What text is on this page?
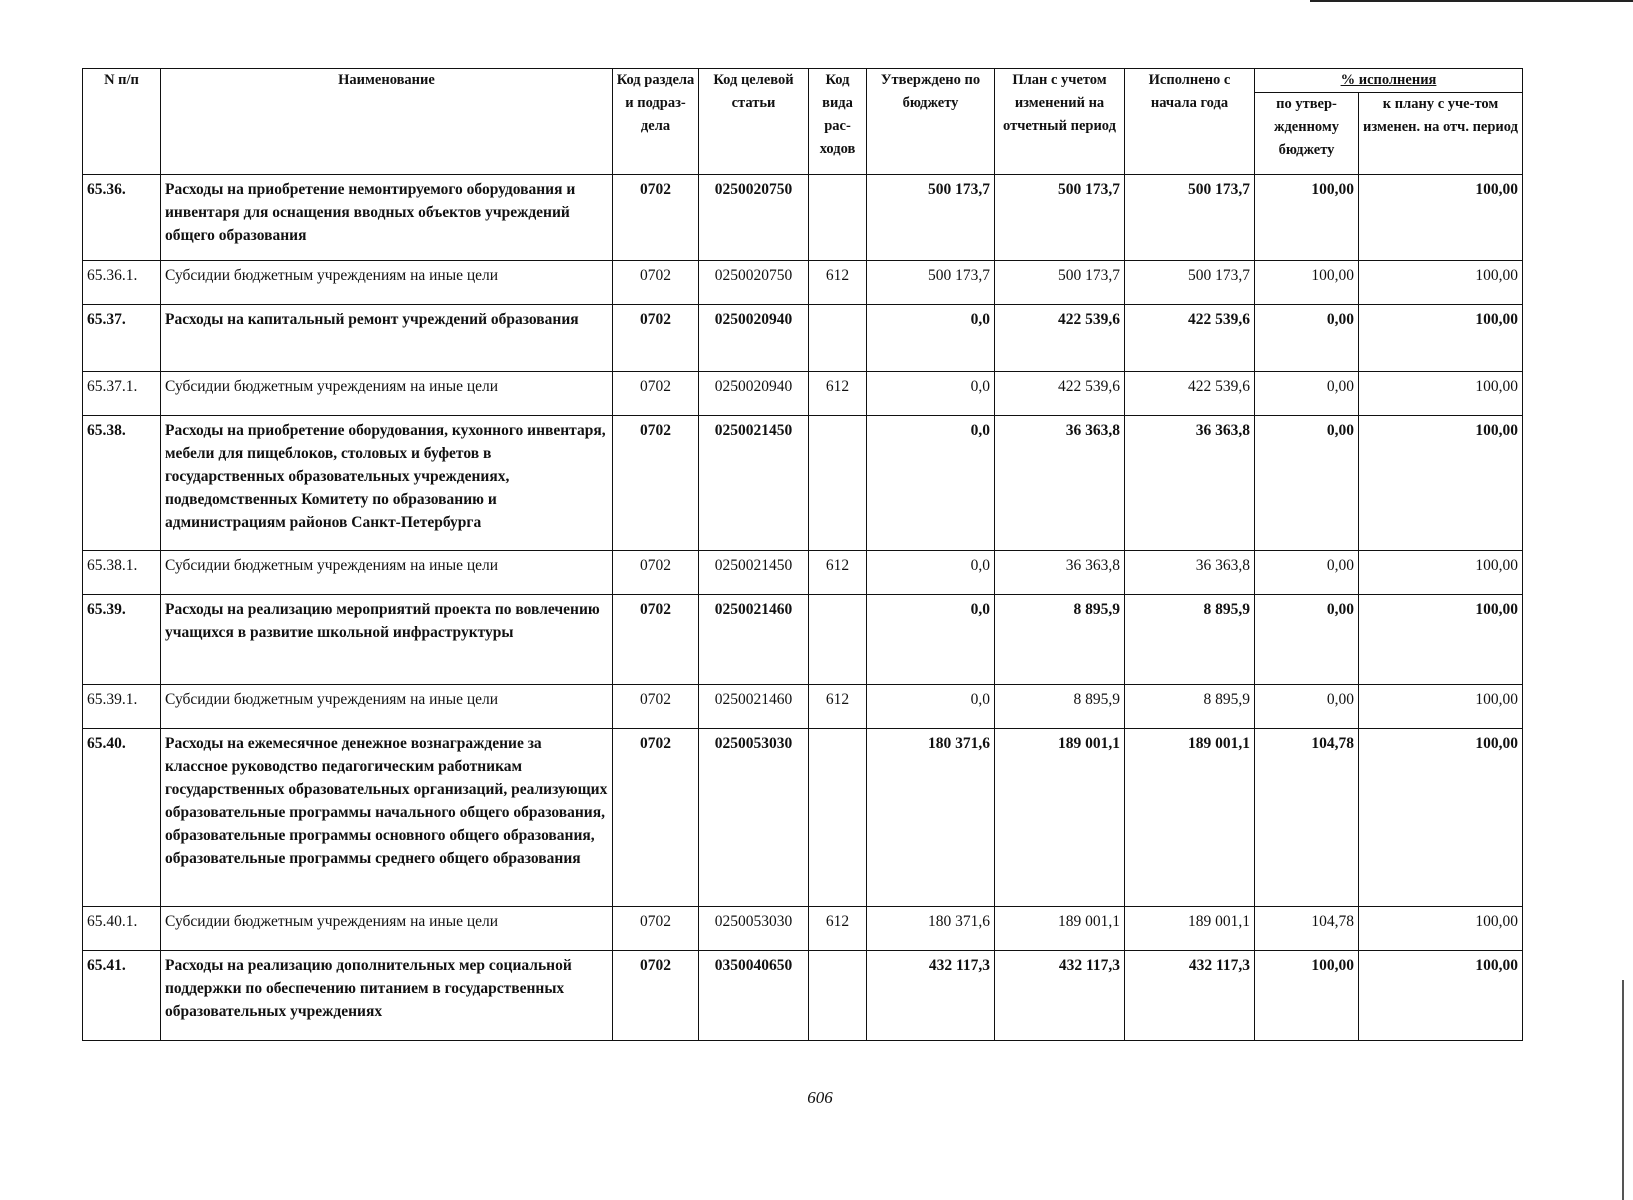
N п/п	Наименование	Код раздела и подраз-дела	Код целевой статьи	Код вида рас-ходов	Утверждено по бюджету	План с учетом изменений на отчетный период	Исполнено с начала года	% исполнения	
								по утвер-жденному бюджету	к плану с уче-том изменен. на отч. период
65.36.	Расходы на приобретение немонтируемого оборудования и инвентаря для оснащения вводных объектов учреждений общего образования	0702	0250020750		500 173,7	500 173,7	500 173,7	100,00	100,00
65.36.1.	Субсидии бюджетным учреждениям на иные цели	0702	0250020750	612	500 173,7	500 173,7	500 173,7	100,00	100,00
65.37.	Расходы на капитальный ремонт учреждений образования	0702	0250020940		0,0	422 539,6	422 539,6	0,00	100,00
65.37.1.	Субсидии бюджетным учреждениям на иные цели	0702	0250020940	612	0,0	422 539,6	422 539,6	0,00	100,00
65.38.	Расходы на приобретение оборудования, кухонного инвентаря, мебели для пищеблоков, столовых и буфетов в государственных образовательных учреждениях, подведомственных Комитету по образованию и администрациям районов Санкт-Петербурга	0702	0250021450		0,0	36 363,8	36 363,8	0,00	100,00
65.38.1.	Субсидии бюджетным учреждениям на иные цели	0702	0250021450	612	0,0	36 363,8	36 363,8	0,00	100,00
65.39.	Расходы на реализацию мероприятий проекта по вовлечению учащихся в развитие школьной инфраструктуры	0702	0250021460		0,0	8 895,9	8 895,9	0,00	100,00
65.39.1.	Субсидии бюджетным учреждениям на иные цели	0702	0250021460	612	0,0	8 895,9	8 895,9	0,00	100,00
65.40.	Расходы на ежемесячное денежное вознаграждение за классное руководство педагогическим работникам государственных образовательных организаций, реализующих образовательные программы начального общего образования, образовательные программы основного общего образования, образовательные программы среднего общего образования	0702	0250053030		180 371,6	189 001,1	189 001,1	104,78	100,00
65.40.1.	Субсидии бюджетным учреждениям на иные цели	0702	0250053030	612	180 371,6	189 001,1	189 001,1	104,78	100,00
65.41.	Расходы на реализацию дополнительных мер социальной поддержки по обеспечению питанием в государственных образовательных учреждениях	0702	0350040650		432 117,3	432 117,3	432 117,3	100,00	100,00
606
